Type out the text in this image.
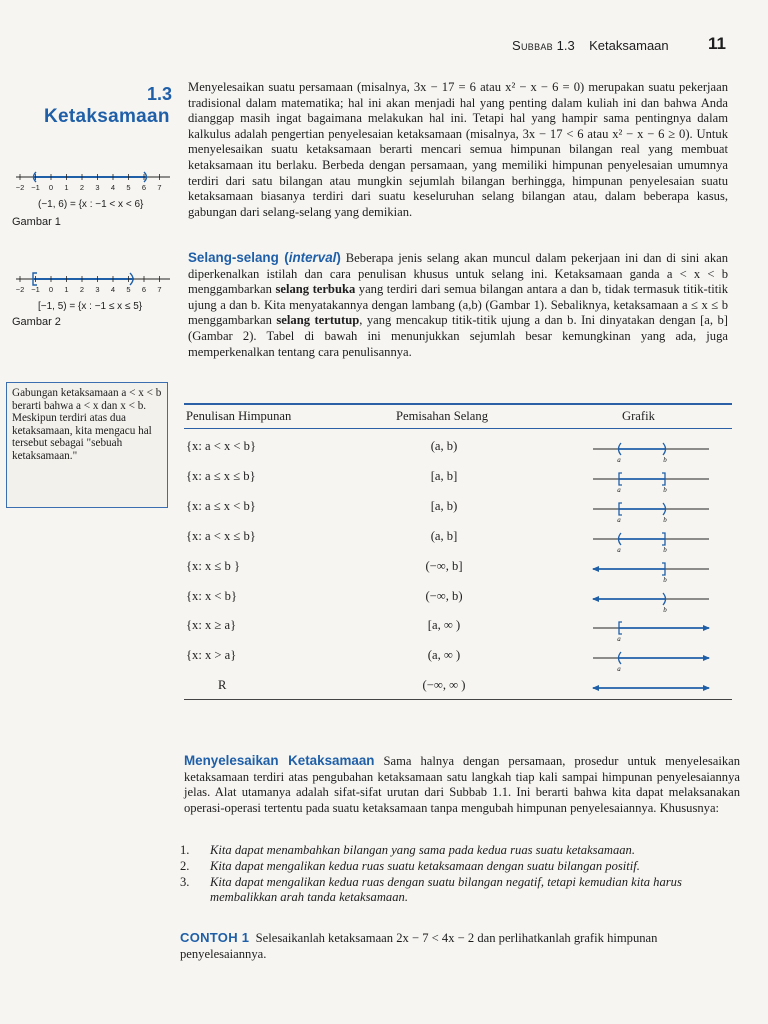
Subbab 1.3 Ketaksamaan 11
1.3
Ketaksamaan
Menyelesaikan suatu persamaan (misalnya, 3x − 17 = 6 atau x² − x − 6 = 0) merupakan suatu pekerjaan tradisional dalam matematika; hal ini akan menjadi hal yang penting dalam kuliah ini dan bahwa Anda dianggap masih ingat bagaimana melakukan hal ini. Tetapi hal yang hampir sama pentingnya dalam kalkulus adalah pengertian penyelesaian ketaksamaan (misalnya, 3x − 17 < 6 atau x² − x − 6 ≥ 0). Untuk menyelesaikan suatu ketaksamaan berarti mencari semua himpunan bilangan real yang membuat ketaksamaan itu berlaku. Berbeda dengan persamaan, yang memiliki himpunan penyelesaian umumnya terdiri dari satu bilangan atau mungkin sejumlah bilangan berhingga, himpunan penyelesaian suatu ketaksamaan biasanya terdiri dari suatu keseluruhan selang bilangan atau, dalam beberapa kasus, gabungan dari selang-selang yang demikian.
−2 −1 0 1 2 3 4 5 6 7
(−1, 6) = {x : −1 < x < 6}
Gambar 1
−2 −1 0 1 2 3 4 5 6 7
[−1, 5) = {x : −1 ≤ x ≤ 5}
Gambar 2
Selang-selang (interval) Beberapa jenis selang akan muncul dalam pekerjaan ini dan di sini akan diperkenalkan istilah dan cara penulisan khusus untuk selang ini. Ketaksamaan ganda a < x < b menggambarkan selang terbuka yang terdiri dari semua bilangan antara a dan b, tidak termasuk titik-titik ujung a dan b. Kita menyatakannya dengan lambang (a,b) (Gambar 1). Sebaliknya, ketaksamaan a ≤ x ≤ b menggambarkan selang tertutup, yang mencakup titik-titik ujung a dan b. Ini dinyatakan dengan [a, b] (Gambar 2). Tabel di bawah ini menunjukkan sejumlah besar kemungkinan yang ada, juga memperkenalkan tentang cara penulisannya.
Gabungan ketaksamaan a < x < b berarti bahwa a < x dan x < b. Meskipun terdiri atas dua ketaksamaan, kita mengacu hal tersebut sebagai "sebuah ketaksamaan."
Penulisan Himpunan	Pemisahan Selang	Grafik
{x: a < x < b}	(a, b)
a	b
{x: a ≤ x ≤ b}	[a, b]
a	b
{x: a ≤ x < b}	[a, b)
a	b
{x: a < x ≤ b}	(a, b]
a	b
{x: x ≤ b }	(−∞, b]
b
{x: x < b}	(−∞, b)
b
{x: x ≥ a}	[a, ∞ )
a
{x: x > a}	(a, ∞ )
a
R	(−∞, ∞ )
Menyelesaikan Ketaksamaan Sama halnya dengan persamaan, prosedur untuk menyelesaikan ketaksamaan terdiri atas pengubahan ketaksamaan satu langkah tiap kali sampai himpunan penyelesaiannya jelas. Alat utamanya adalah sifat-sifat urutan dari Subbab 1.1. Ini berarti bahwa kita dapat melaksanakan operasi-operasi tertentu pada suatu ketaksamaan tanpa mengubah himpunan penyelesaiannya. Khususnya:
1.	Kita dapat menambahkan bilangan yang sama pada kedua ruas suatu ketaksamaan.
2.	Kita dapat mengalikan kedua ruas suatu ketaksamaan dengan suatu bilangan positif.
3.	Kita dapat mengalikan kedua ruas dengan suatu bilangan negatif, tetapi kemudian kita harus membalikkan arah tanda ketaksamaan.
CONTOH 1 Selesaikanlah ketaksamaan 2x − 7 < 4x − 2 dan perlihatkanlah grafik himpunan penyelesaiannya.
